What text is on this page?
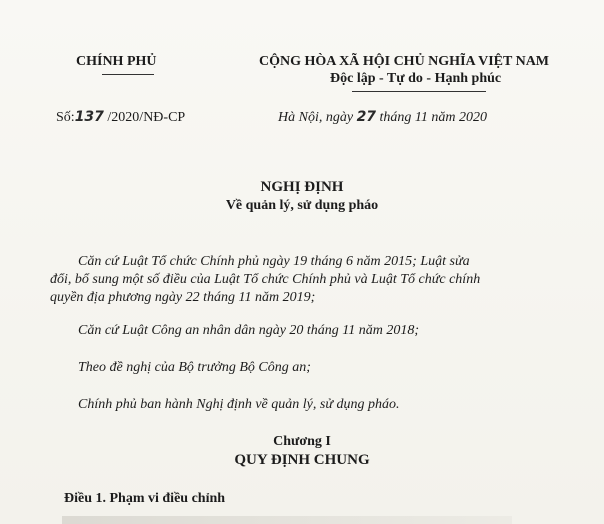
CHÍNH PHỦ	CỘNG HÒA XÃ HỘI CHỦ NGHĨA VIỆT NAM
Độc lập - Tự do - Hạnh phúc
Số:137 /2020/NĐ-CP	Hà Nội, ngày 27 tháng 11 năm 2020
NGHỊ ĐỊNH
Về quản lý, sử dụng pháo
Căn cứ Luật Tổ chức Chính phủ ngày 19 tháng 6 năm 2015; Luật sửa
đổi, bổ sung một số điều của Luật Tổ chức Chính phủ và Luật Tổ chức chính
quyền địa phương ngày 22 tháng 11 năm 2019;
Căn cứ Luật Công an nhân dân ngày 20 tháng 11 năm 2018;
Theo đề nghị của Bộ trưởng Bộ Công an;
Chính phủ ban hành Nghị định về quản lý, sử dụng pháo.
Chương I
QUY ĐỊNH CHUNG
Điều 1. Phạm vi điều chỉnh
